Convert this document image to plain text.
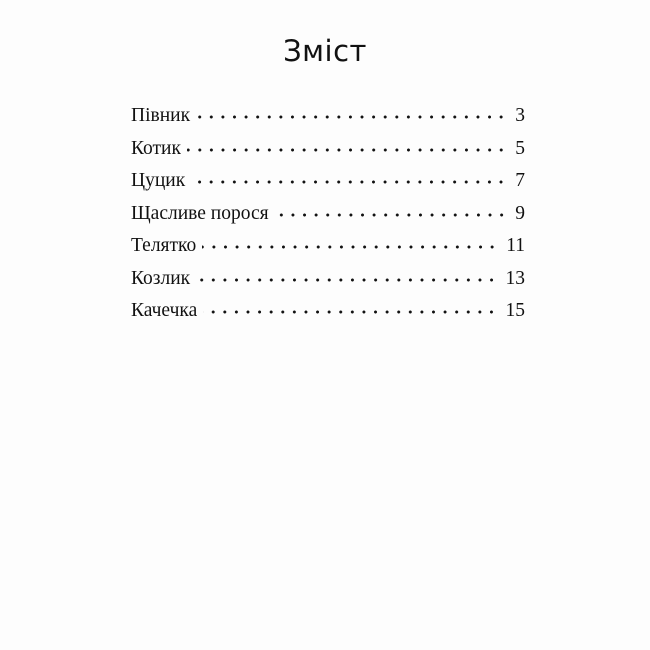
Зміст
Півник	3
Котик	5
Цуцик	7
Щасливе порося	9
Телятко	11
Козлик	13
Качечка	15
